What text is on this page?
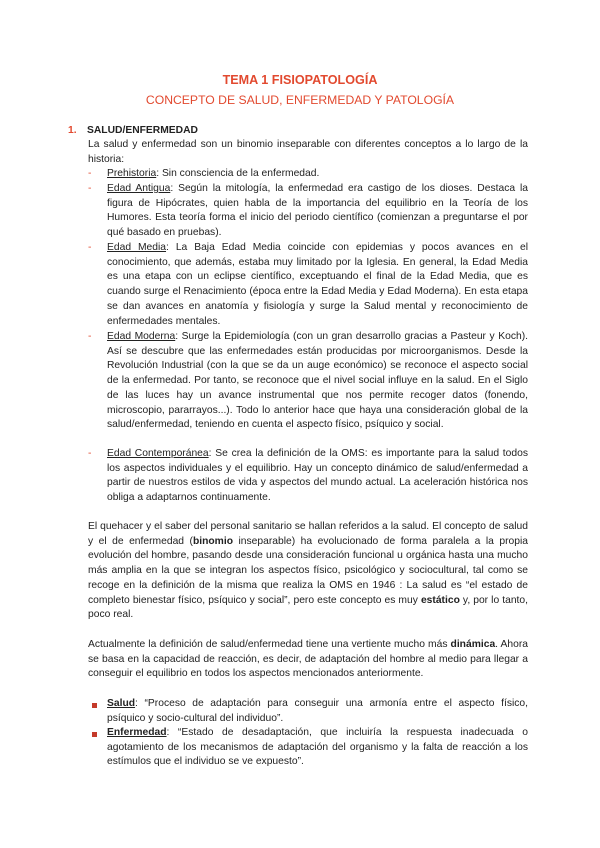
TEMA 1 FISIOPATOLOGÍA
CONCEPTO DE SALUD, ENFERMEDAD Y PATOLOGÍA
1. SALUD/ENFERMEDAD

La salud y enfermedad son un binomio inseparable con diferentes conceptos a lo largo de la historia:

- Prehistoria: Sin consciencia de la enfermedad.

- Edad Antigua: Según la mitología, la enfermedad era castigo de los dioses. Destaca la figura de Hipócrates, quien habla de la importancia del equilibrio en la Teoría de los Humores. Esta teoría forma el inicio del periodo científico (comienzan a preguntarse el por qué basado en pruebas).

- Edad Media: La Baja Edad Media coincide con epidemias y pocos avances en el conocimiento, que además, estaba muy limitado por la Iglesia. En general, la Edad Media es una etapa con un eclipse científico, exceptuando el final de la Edad Media, que es cuando surge el Renacimiento (época entre la Edad Media y Edad Moderna). En esta etapa se dan avances en anatomía y fisiología y surge la Salud mental y reconocimiento de enfermedades mentales.

- Edad Moderna: Surge la Epidemiología (con un gran desarrollo gracias a Pasteur y Koch). Así se descubre que las enfermedades están producidas por microorganismos. Desde la Revolución Industrial (con la que se da un auge económico) se reconoce el aspecto social de la enfermedad. Por tanto, se reconoce que el nivel social influye en la salud. En el Siglo de las luces hay un avance instrumental que nos permite recoger datos (fonendo, microscopio, pararrayos...). Todo lo anterior hace que haya una consideración global de la salud/enfermedad, teniendo en cuenta el aspecto físico, psíquico y social.

- Edad Contemporánea: Se crea la definición de la OMS: es importante para la salud todos los aspectos individuales y el equilibrio. Hay un concepto dinámico de salud/enfermedad a partir de nuestros estilos de vida y aspectos del mundo actual. La aceleración histórica nos obliga a adaptarnos continuamente.

El quehacer y el saber del personal sanitario se hallan referidos a la salud. El concepto de salud y el de enfermedad (binomio inseparable) ha evolucionado de forma paralela a la propia evolución del hombre, pasando desde una consideración funcional u orgánica hasta una mucho más amplia en la que se integran los aspectos físico, psicológico y sociocultural, tal como se recoge en la definición de la misma que realiza la OMS en 1946 : La salud es “el estado de completo bienestar físico, psíquico y social”, pero este concepto es muy estático y, por lo tanto, poco real.

Actualmente la definición de salud/enfermedad tiene una vertiente mucho más dinámica. Ahora se basa en la capacidad de reacción, es decir, de adaptación del hombre al medio para llegar a conseguir el equilibrio en todos los aspectos mencionados anteriormente.

Salud: “Proceso de adaptación para conseguir una armonía entre el aspecto físico, psíquico y socio-cultural del individuo”.

Enfermedad: “Estado de desadaptación, que incluiría la respuesta inadecuada o agotamiento de los mecanismos de adaptación del organismo y la falta de reacción a los estímulos que el individuo se ve expuesto”.
